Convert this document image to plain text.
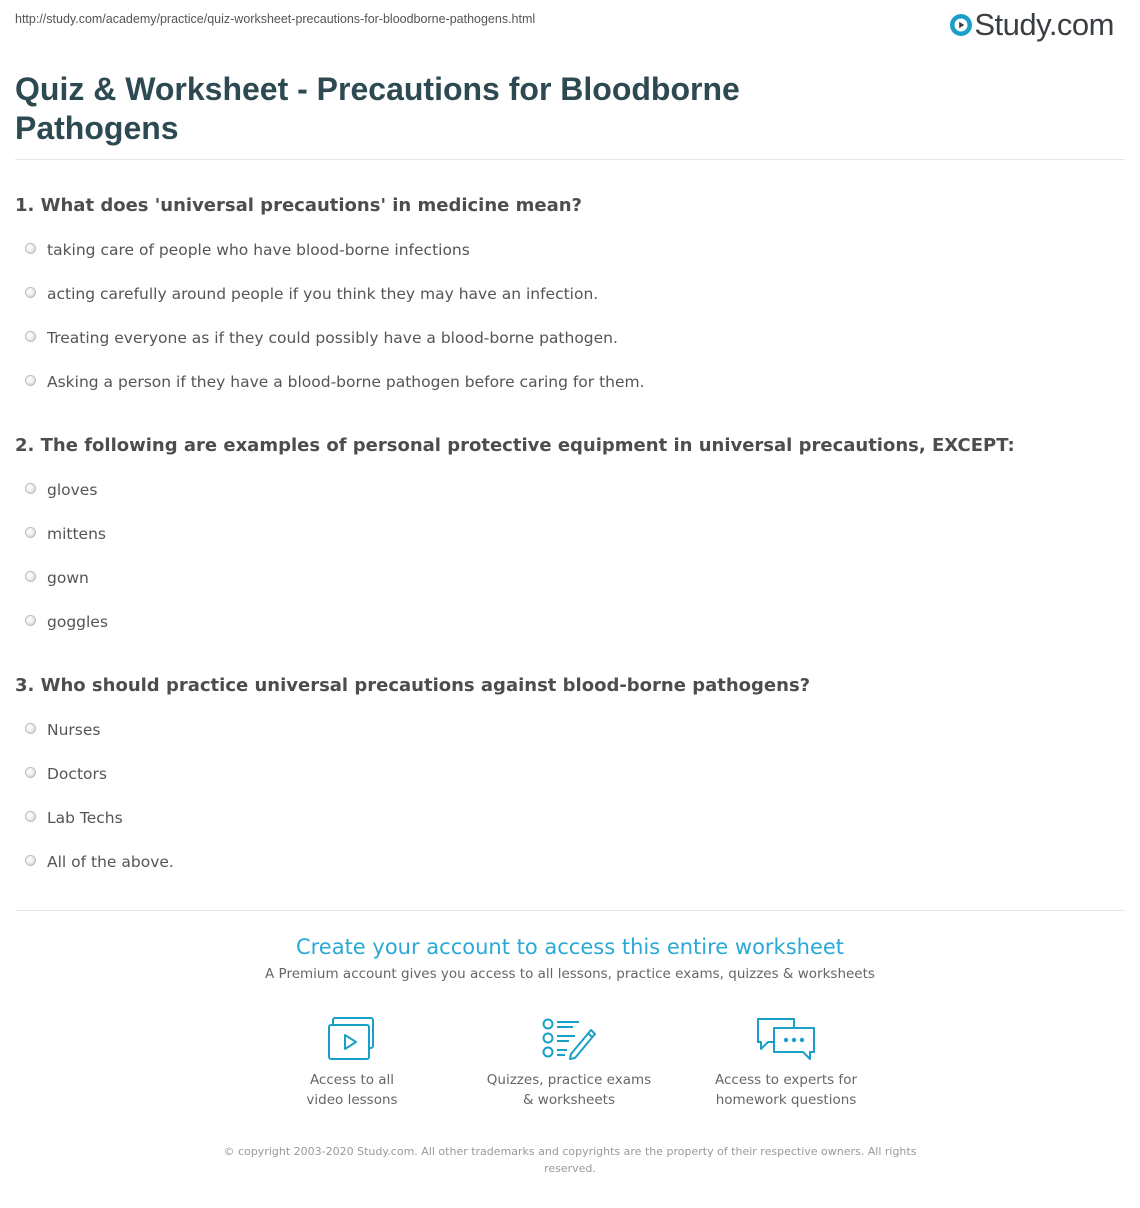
http://study.com/academy/practice/quiz-worksheet-precautions-for-bloodborne-pathogens.html	Study.com
Quiz & Worksheet - Precautions for Bloodborne Pathogens
1. What does 'universal precautions' in medicine mean?
taking care of people who have blood-borne infections
acting carefully around people if you think they may have an infection.
Treating everyone as if they could possibly have a blood-borne pathogen.
Asking a person if they have a blood-borne pathogen before caring for them.
2. The following are examples of personal protective equipment in universal precautions, EXCEPT:
gloves
mittens
gown
goggles
3. Who should practice universal precautions against blood-borne pathogens?
Nurses
Doctors
Lab Techs
All of the above.
Create your account to access this entire worksheet

A Premium account gives you access to all lessons, practice exams, quizzes & worksheets

Access to all
video lessons
Quizzes, practice exams
& worksheets
Access to experts for
homework questions
© copyright 2003-2020 Study.com. All other trademarks and copyrights are the property of their respective owners. All rights reserved.
